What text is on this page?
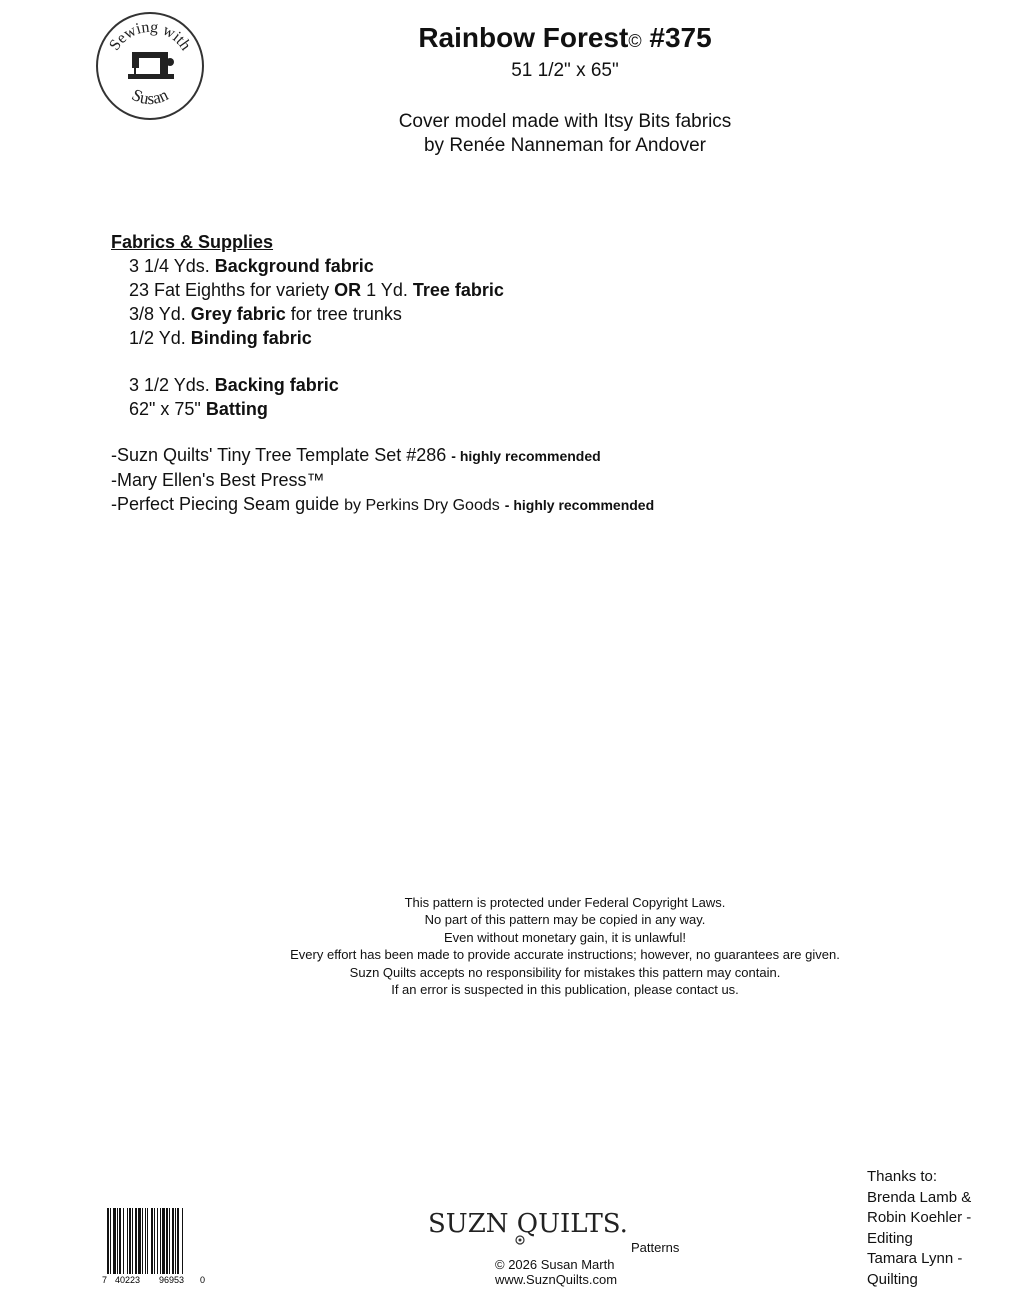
Sewing with
Susan
Rainbow Forest© #375
51 1/2" x 65"
Cover model made with Itsy Bits fabrics
by Renée Nanneman for Andover
Fabrics & Supplies
3 1/4 Yds. Background fabric
23 Fat Eighths for variety OR 1 Yd. Tree fabric
3/8 Yd. Grey fabric for tree trunks
1/2 Yd. Binding fabric
3 1/2 Yds. Backing fabric
62" x 75" Batting
-Suzn Quilts' Tiny Tree Template Set #286 - highly recommended
-Mary Ellen's Best Press™
-Perfect Piecing Seam guide by Perkins Dry Goods - highly recommended
This pattern is protected under Federal Copyright Laws.
No part of this pattern may be copied in any way.
Even without monetary gain, it is unlawful!
Every effort has been made to provide accurate instructions; however, no guarantees are given.
Suzn Quilts accepts no responsibility for mistakes this pattern may contain.
If an error is suspected in this publication, please contact us.
7 40223 96953 0
SUZN QUILTS...
Patterns
© 2026 Susan Marth
www.SuznQuilts.com
Thanks to:
Brenda Lamb &
Robin Koehler -
Editing
Tamara Lynn -
Quilting
